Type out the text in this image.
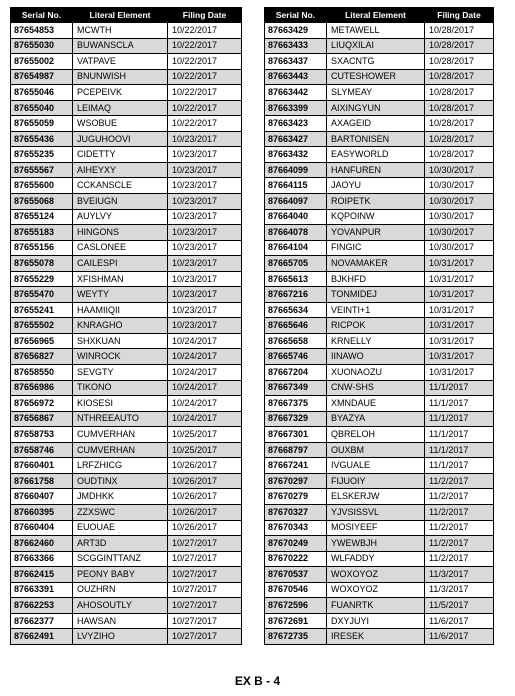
Serial No.	Literal Element	Filing Date
87654853	MCWTH	10/22/2017
87655030	BUWANSCLA	10/22/2017
87655002	VATPAVE	10/22/2017
87654987	BNUNWISH	10/22/2017
87655046	PCEPEIVK	10/22/2017
87655040	LEIMAQ	10/22/2017
87655059	WSOBUE	10/22/2017
87655436	JUGUHOOVI	10/23/2017
87655235	CIDETTY	10/23/2017
87655567	AIHEYXY	10/23/2017
87655600	CCKANSCLE	10/23/2017
87655068	BVEIUGN	10/23/2017
87655124	AUYLVY	10/23/2017
87655183	HINGONS	10/23/2017
87655156	CASLONEE	10/23/2017
87655078	CAILESPI	10/23/2017
87655229	XFISHMAN	10/23/2017
87655470	WEYTY	10/23/2017
87655241	HAAMIIQII	10/23/2017
87655502	KNRAGHO	10/23/2017
87656965	SHXKUAN	10/24/2017
87656827	WINROCK	10/24/2017
87658550	SEVGTY	10/24/2017
87656986	TIKONO	10/24/2017
87656972	KIOSESI	10/24/2017
87656867	NTHREEAUTO	10/24/2017
87658753	CUMVERHAN	10/25/2017
87658746	CUMVERHAN	10/25/2017
87660401	LRFZHICG	10/26/2017
87661758	OUDTINX	10/26/2017
87660407	JMDHKK	10/26/2017
87660395	ZZXSWC	10/26/2017
87660404	EUOUAE	10/26/2017
87662460	ART3D	10/27/2017
87663366	SCGGINTTANZ	10/27/2017
87662415	PEONY BABY	10/27/2017
87663391	OUZHRN	10/27/2017
87662253	AHOSOUTLY	10/27/2017
87662377	HAWSAN	10/27/2017
87662491	LVYZIHO	10/27/2017
Serial No.	Literal Element	Filing Date
87663429	METAWELL	10/28/2017
87663433	LIUQXILAI	10/28/2017
87663437	SXACNTG	10/28/2017
87663443	CUTESHOWER	10/28/2017
87663442	SLYMEAY	10/28/2017
87663399	AIXINGYUN	10/28/2017
87663423	AXAGEID	10/28/2017
87663427	BARTONISEN	10/28/2017
87663432	EASYWORLD	10/28/2017
87664099	HANFUREN	10/30/2017
87664115	JAOYU	10/30/2017
87664097	ROIPETK	10/30/2017
87664040	KQPOINW	10/30/2017
87664078	YOVANPUR	10/30/2017
87664104	FINGIC	10/30/2017
87665705	NOVAMAKER	10/31/2017
87665613	BJKHFD	10/31/2017
87667216	TONMIDEJ	10/31/2017
87665634	VEINTI+1	10/31/2017
87665646	RICPOK	10/31/2017
87665658	KRNELLY	10/31/2017
87665746	IINAWO	10/31/2017
87667204	XUONAOZU	10/31/2017
87667349	CNW-SHS	11/1/2017
87667375	XMNDAUE	11/1/2017
87667329	BYAZYA	11/1/2017
87667301	QBRELOH	11/1/2017
87668797	OUXBM	11/1/2017
87667241	IVGUALE	11/1/2017
87670297	FIJUOIY	11/2/2017
87670279	ELSKERJW	11/2/2017
87670327	YJVSISSVL	11/2/2017
87670343	MOSIYEEF	11/2/2017
87670249	YWEWBJH	11/2/2017
87670222	WLFADDY	11/2/2017
87670537	WOXOYOZ	11/3/2017
87670546	WOXOYOZ	11/3/2017
87672596	FUANRTK	11/5/2017
87672691	DXYJUYI	11/6/2017
87672735	IRESEK	11/6/2017
EX B - 4
